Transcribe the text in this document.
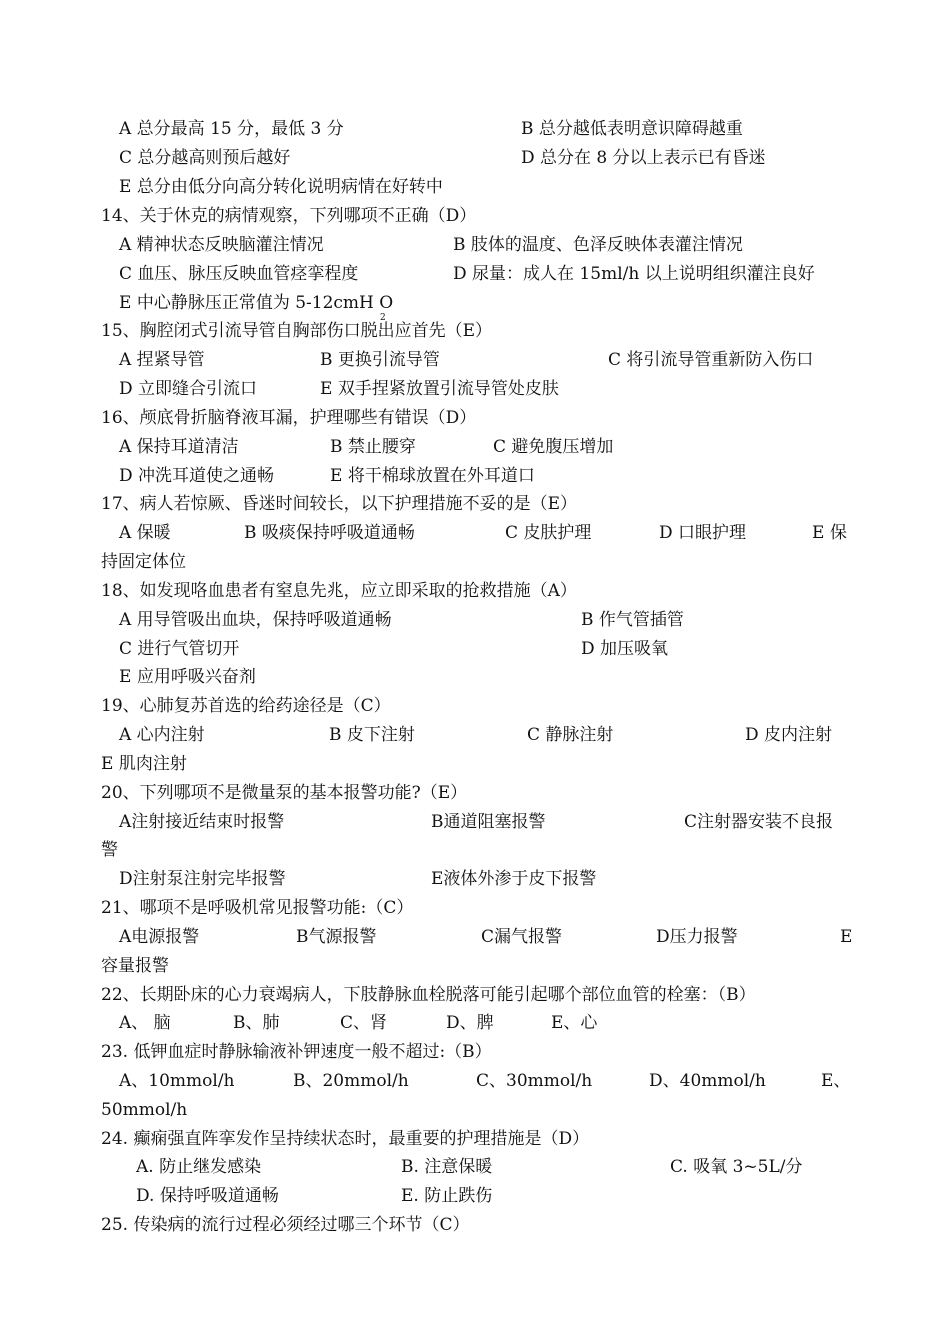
A 总分最高 15 分，最低 3 分	B 总分越低表明意识障碍越重
C 总分越高则预后越好	D 总分在 8 分以上表示已有昏迷
E 总分由低分向高分转化说明病情在好转中
14、关于休克的病情观察，下列哪项不正确（D）
A 精神状态反映脑灌注情况	B 肢体的温度、色泽反映体表灌注情况
C 血压、脉压反映血管痉挛程度	D 尿量：成人在 15ml/h 以上说明组织灌注良好
E 中心静脉压正常值为 5-12cmH O
2
15、胸腔闭式引流导管自胸部伤口脱出应首先（E）
A 捏紧导管	B 更换引流导管	C 将引流导管重新防入伤口
D 立即缝合引流口	E 双手捏紧放置引流导管处皮肤
16、颅底骨折脑脊液耳漏，护理哪些有错误（D）
A 保持耳道清洁	B 禁止腰穿	C 避免腹压增加
D 冲洗耳道使之通畅	E 将干棉球放置在外耳道口
17、病人若惊厥、昏迷时间较长，以下护理措施不妥的是（E）
A 保暖	B 吸痰保持呼吸道通畅	C 皮肤护理	D 口眼护理	E 保
持固定体位
18、如发现咯血患者有窒息先兆，应立即采取的抢救措施（A）
A 用导管吸出血块，保持呼吸道通畅	B 作气管插管
C 进行气管切开	D 加压吸氧
E 应用呼吸兴奋剂
19、心肺复苏首选的给药途径是（C）
A 心内注射	B 皮下注射	C 静脉注射	D 皮内注射
E 肌肉注射
20、下列哪项不是微量泵的基本报警功能?（E）
A注射接近结束时报警	B通道阻塞报警	C注射器安装不良报
警
D注射泵注射完毕报警	E液体外渗于皮下报警
21、哪项不是呼吸机常见报警功能:（C）
A电源报警	B气源报警	C漏气报警	D压力报警	E
容量报警
22、长期卧床的心力衰竭病人，下肢静脉血栓脱落可能引起哪个部位血管的栓塞：（B）
A、 脑	B、肺	C、肾	D、脾	E、心
23. 低钾血症时静脉输液补钾速度一般不超过:（B）
A、10mmol/h	B、20mmol/h	C、30mmol/h	D、40mmol/h	E、
50mmol/h
24. 癫痫强直阵挛发作呈持续状态时，最重要的护理措施是（D）
A. 防止继发感染	B. 注意保暖	C. 吸氧 3~5L/分
D. 保持呼吸道通畅	E. 防止跌伤
25. 传染病的流行过程必须经过哪三个环节（C）
